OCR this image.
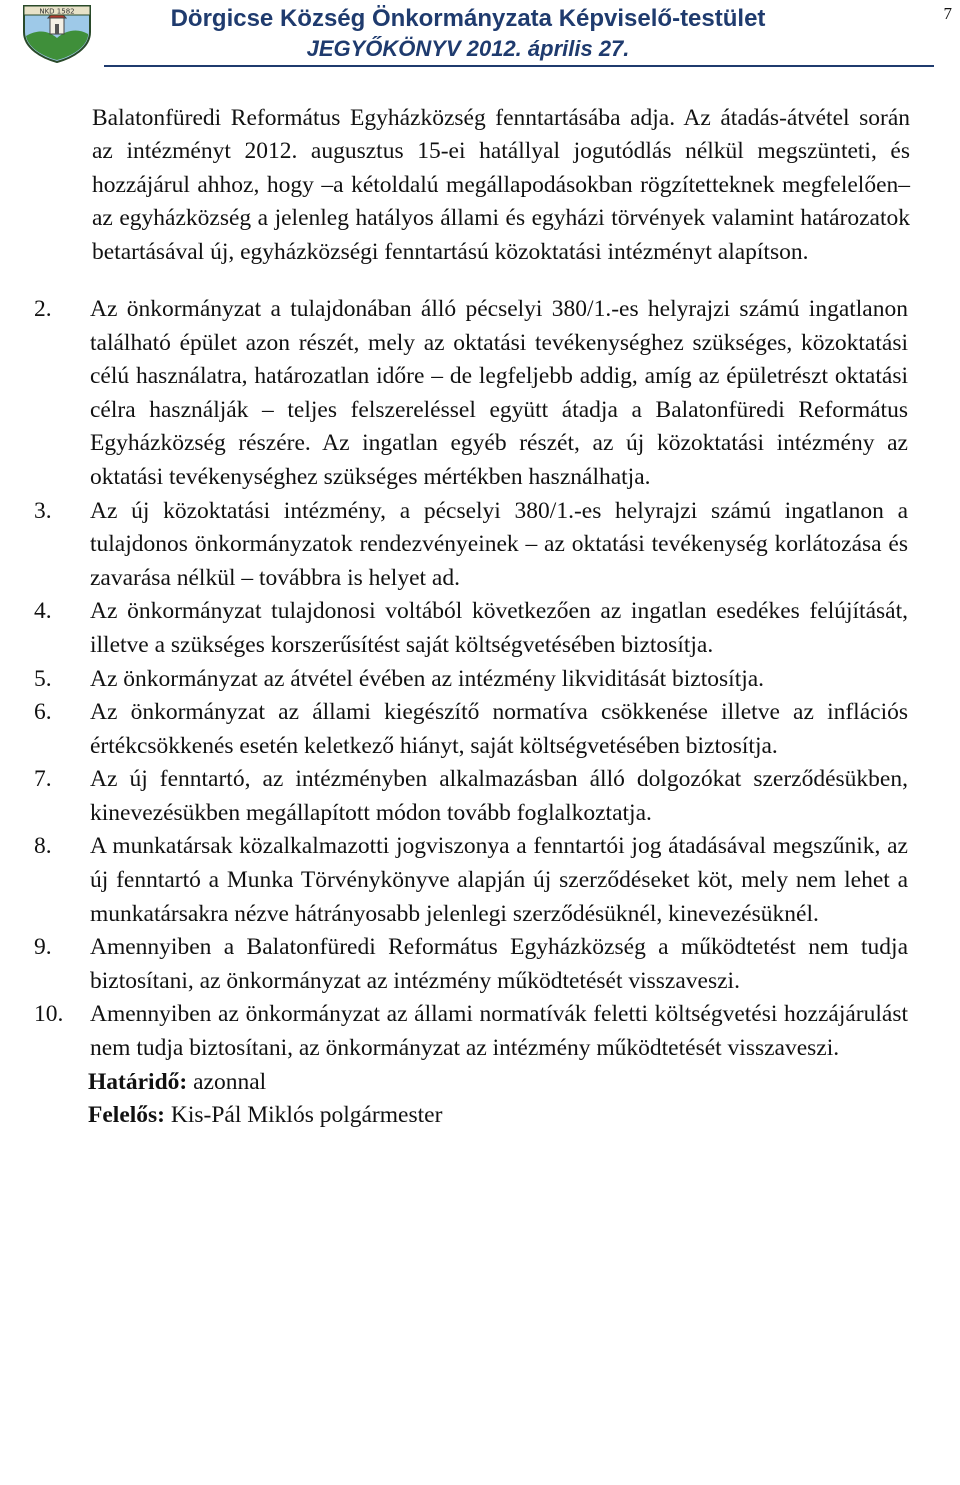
NKD 1582	Dörgicse Község Önkormányzata Képviselő-testület
JEGYŐKÖNYV 2012. április 27.
7

Balatonfüredi Református Egyházközség fenntartásába adja. Az átadás-átvétel során az intézményt 2012. augusztus 15-ei hatállyal jogutódlás nélkül megszünteti, és hozzájárul ahhoz, hogy –a kétoldalú megállapodásokban rögzítetteknek megfelelően– az egyházközség a jelenleg hatályos állami és egyházi törvények valamint határozatok betartásával új, egyházközségi fenntartású közoktatási intézményt alapítson.

2.	Az önkormányzat a tulajdonában álló pécselyi 380/1.-es helyrajzi számú ingatlanon található épület azon részét, mely az oktatási tevékenységhez szükséges, közoktatási célú használatra, határozatlan időre – de legfeljebb addig, amíg az épületrészt oktatási célra használják – teljes felszereléssel együtt átadja a Balatonfüredi Református Egyházközség részére. Az ingatlan egyéb részét, az új közoktatási intézmény az oktatási tevékenységhez szükséges mértékben használhatja.
3.	Az új közoktatási intézmény, a pécselyi 380/1.-es helyrajzi számú ingatlanon a tulajdonos önkormányzatok rendezvényeinek – az oktatási tevékenység korlátozása és zavarása nélkül – továbbra is helyet ad.
4.	Az önkormányzat tulajdonosi voltából következően az ingatlan esedékes felújítását, illetve a szükséges korszerűsítést saját költségvetésében biztosítja.
5.	Az önkormányzat az átvétel évében az intézmény likviditását biztosítja.
6.	Az önkormányzat az állami kiegészítő normatíva csökkenése illetve az inflációs értékcsökkenés esetén keletkező hiányt, saját költségvetésében biztosítja.
7.	Az új fenntartó, az intézményben alkalmazásban álló dolgozókat szerződésükben, kinevezésükben megállapított módon tovább foglalkoztatja.
8.	A munkatársak közalkalmazotti jogviszonya a fenntartói jog átadásával megszűnik, az új fenntartó a Munka Törvénykönyve alapján új szerződéseket köt, mely nem lehet a munkatársakra nézve hátrányosabb jelenlegi szerződésüknél, kinevezésüknél.
9.	Amennyiben a Balatonfüredi Református Egyházközség a működtetést nem tudja biztosítani, az önkormányzat az intézmény működtetését visszaveszi.
10.	Amennyiben az önkormányzat az állami normatívák feletti költségvetési hozzájárulást nem tudja biztosítani, az önkormányzat az intézmény működtetését visszaveszi.

Határidő: azonnal

Felelős: Kis-Pál Miklós polgármester
